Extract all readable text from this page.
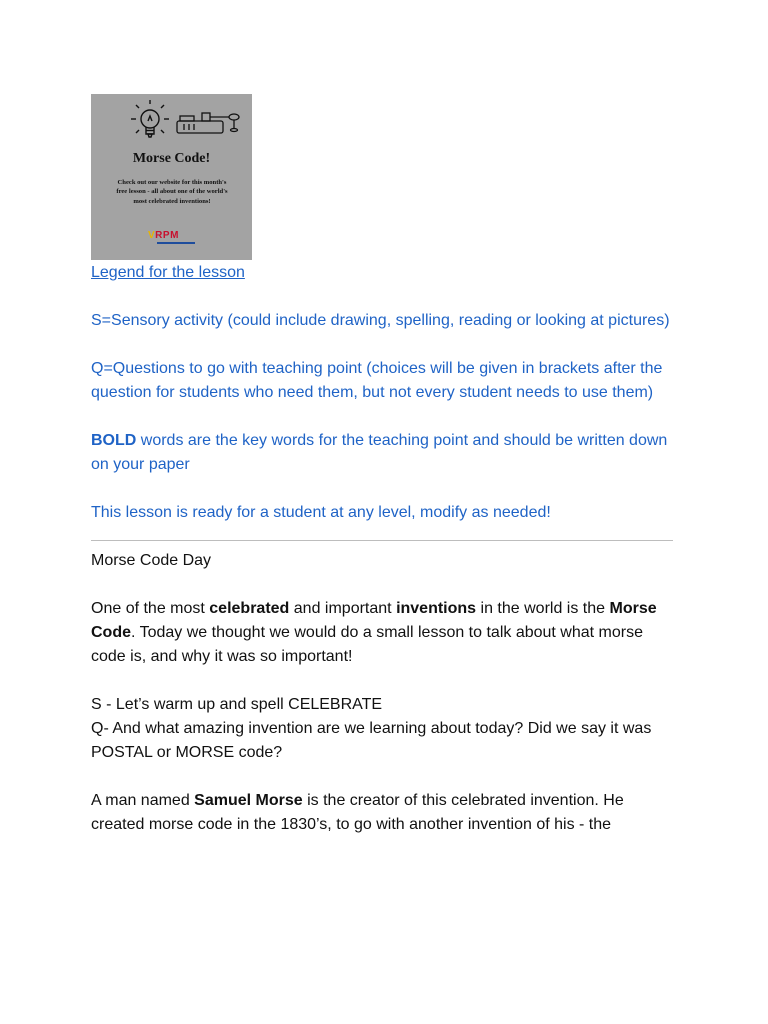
Morse Code!
Check out our website for this month's free lesson - all about one of the world's most celebrated inventions!
VRPM

Legend for the lesson

S=Sensory activity (could include drawing, spelling, reading or looking at pictures)

Q=Questions to go with teaching point (choices will be given in brackets after the question for students who need them, but not every student needs to use them)

BOLD words are the key words for the teaching point and should be written down on your paper

This lesson is ready for a student at any level, modify as needed!

Morse Code Day

One of the most celebrated and important inventions in the world is the Morse Code. Today we thought we would do a small lesson to talk about what morse code is, and why it was so important!

S - Let’s warm up and spell CELEBRATE

Q- And what amazing invention are we learning about today? Did we say it was POSTAL or MORSE code?

A man named Samuel Morse is the creator of this celebrated invention. He created morse code in the 1830’s, to go with another invention of his - the
